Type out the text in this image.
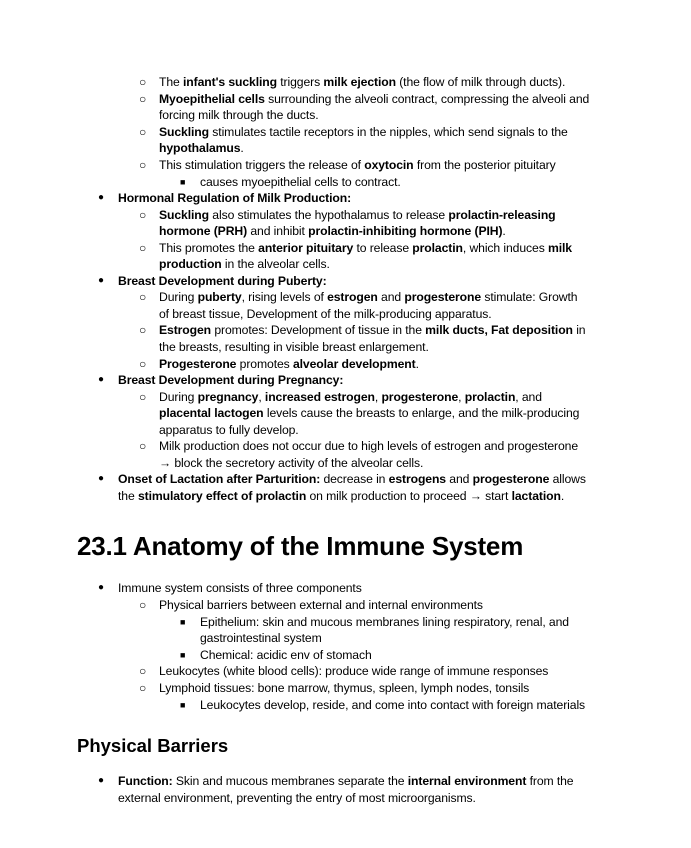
○ The infant's suckling triggers milk ejection (the flow of milk through ducts).
○ Myoepithelial cells surrounding the alveoli contract, compressing the alveoli and
forcing milk through the ducts.
○ Suckling stimulates tactile receptors in the nipples, which send signals to the
hypothalamus.
○ This stimulation triggers the release of oxytocin from the posterior pituitary
■ causes myoepithelial cells to contract.
● Hormonal Regulation of Milk Production:
○ Suckling also stimulates the hypothalamus to release prolactin-releasing
hormone (PRH) and inhibit prolactin-inhibiting hormone (PIH).
○ This promotes the anterior pituitary to release prolactin, which induces milk
production in the alveolar cells.
● Breast Development during Puberty:
○ During puberty, rising levels of estrogen and progesterone stimulate: Growth
of breast tissue, Development of the milk-producing apparatus.
○ Estrogen promotes: Development of tissue in the milk ducts, Fat deposition in
the breasts, resulting in visible breast enlargement.
○ Progesterone promotes alveolar development.
● Breast Development during Pregnancy:
○ During pregnancy, increased estrogen, progesterone, prolactin, and
placental lactogen levels cause the breasts to enlarge, and the milk-producing
apparatus to fully develop.
○ Milk production does not occur due to high levels of estrogen and progesterone
→ block the secretory activity of the alveolar cells.
● Onset of Lactation after Parturition: decrease in estrogens and progesterone allows
the stimulatory effect of prolactin on milk production to proceed → start lactation.
23.1 Anatomy of the Immune System
● Immune system consists of three components
○ Physical barriers between external and internal environments
■ Epithelium: skin and mucous membranes lining respiratory, renal, and
gastrointestinal system
■ Chemical: acidic env of stomach
○ Leukocytes (white blood cells): produce wide range of immune responses
○ Lymphoid tissues: bone marrow, thymus, spleen, lymph nodes, tonsils
■ Leukocytes develop, reside, and come into contact with foreign materials
Physical Barriers
● Function: Skin and mucous membranes separate the internal environment from the
external environment, preventing the entry of most microorganisms.
